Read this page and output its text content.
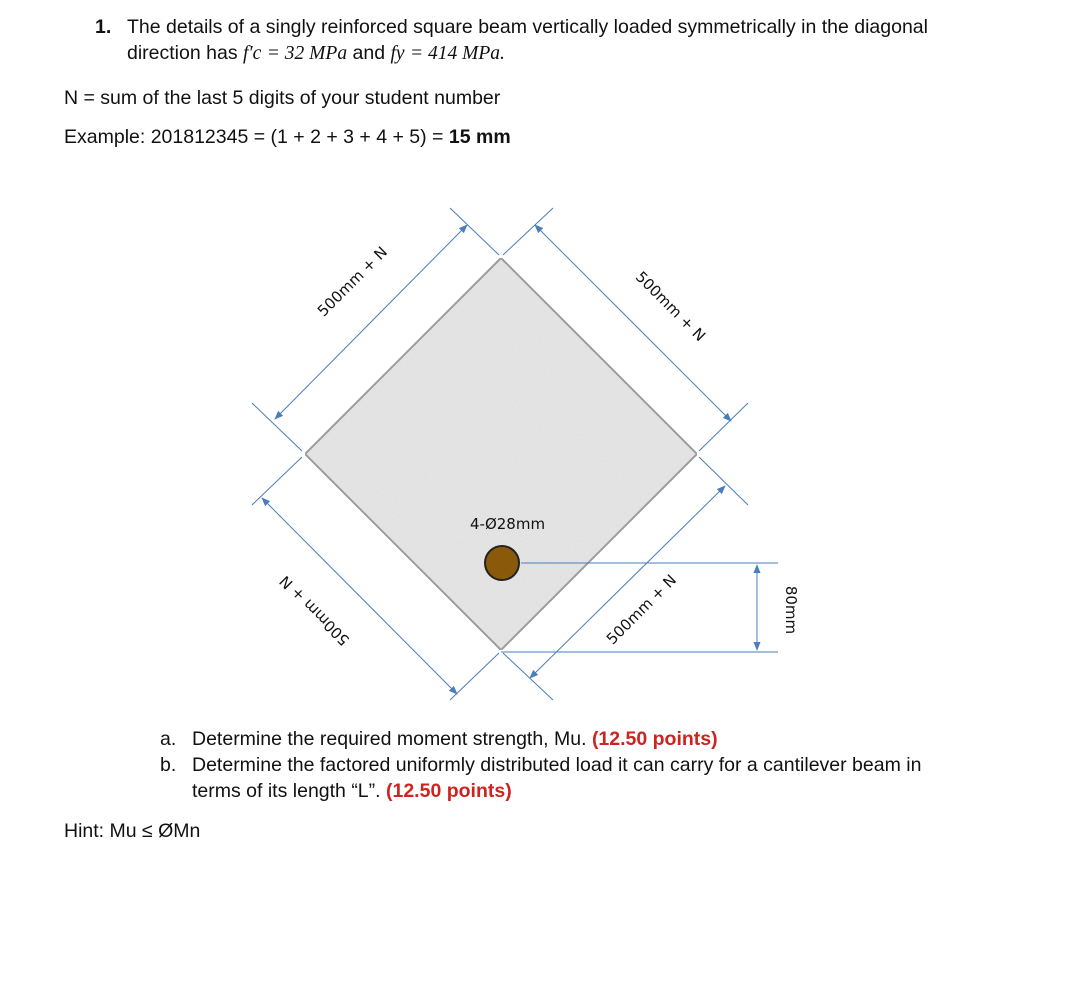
1. The details of a singly reinforced square beam vertically loaded symmetrically in the diagonal
direction has f′c = 32 MPa and fy = 414 MPa.
N = sum of the last 5 digits of your student number
Example: 201812345 = (1 + 2 + 3 + 4 + 5) = 15 mm
500mm + N	500mm + N
500mm + N	500mm + N
4-Ø28mm
80mm
a. Determine the required moment strength, Mu. (12.50 points)
b. Determine the factored uniformly distributed load it can carry for a cantilever beam in
terms of its length “L”. (12.50 points)
Hint: Mu ≤ ØMn
